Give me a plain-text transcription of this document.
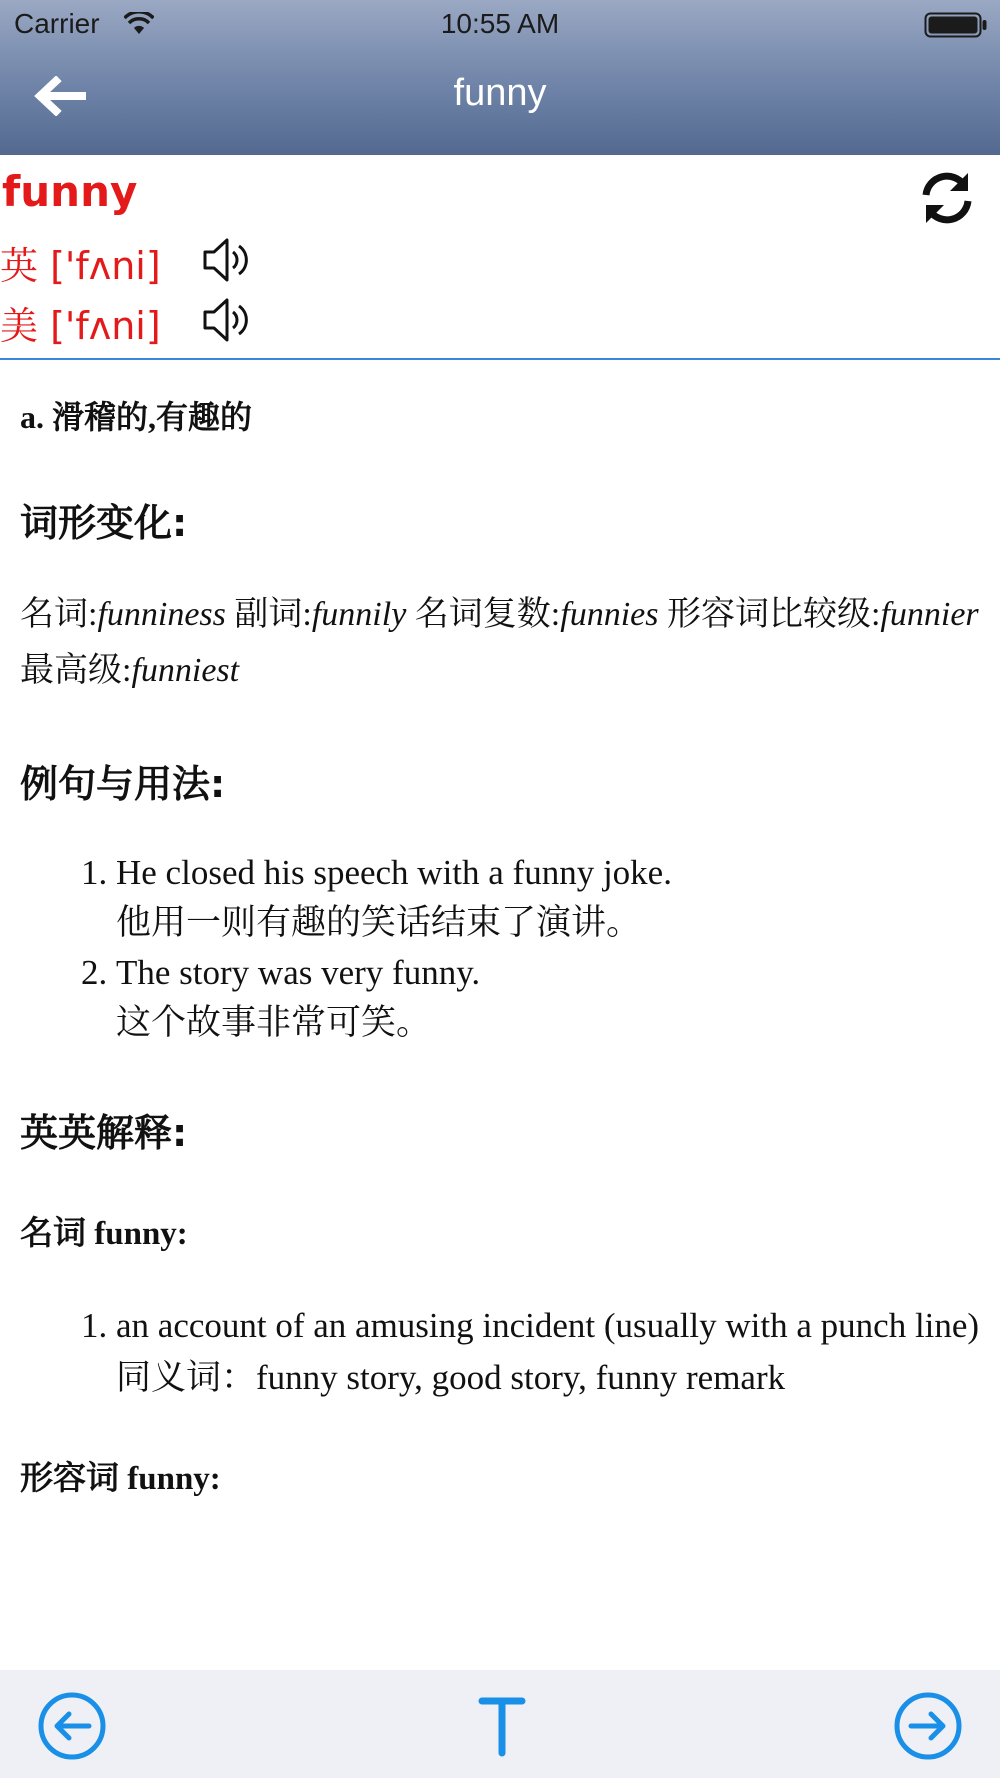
Carrier	10:55 AM
funny
funny
英 ['fʌni]
美 ['fʌni]

a. 滑稽的,有趣的

词形变化:

名词:funniness 副词:funnily 名词复数:funnies 形容词比较级:funnier 最高级:funniest

例句与用法:
1. He closed his speech with a funny joke.
他用一则有趣的笑话结束了演讲。
2. The story was very funny.
这个故事非常可笑。
英英解释:
名词 funny:
1. an account of an amusing incident (usually with a punch line)
同义词：funny story, good story, funny remark
形容词 funny:
